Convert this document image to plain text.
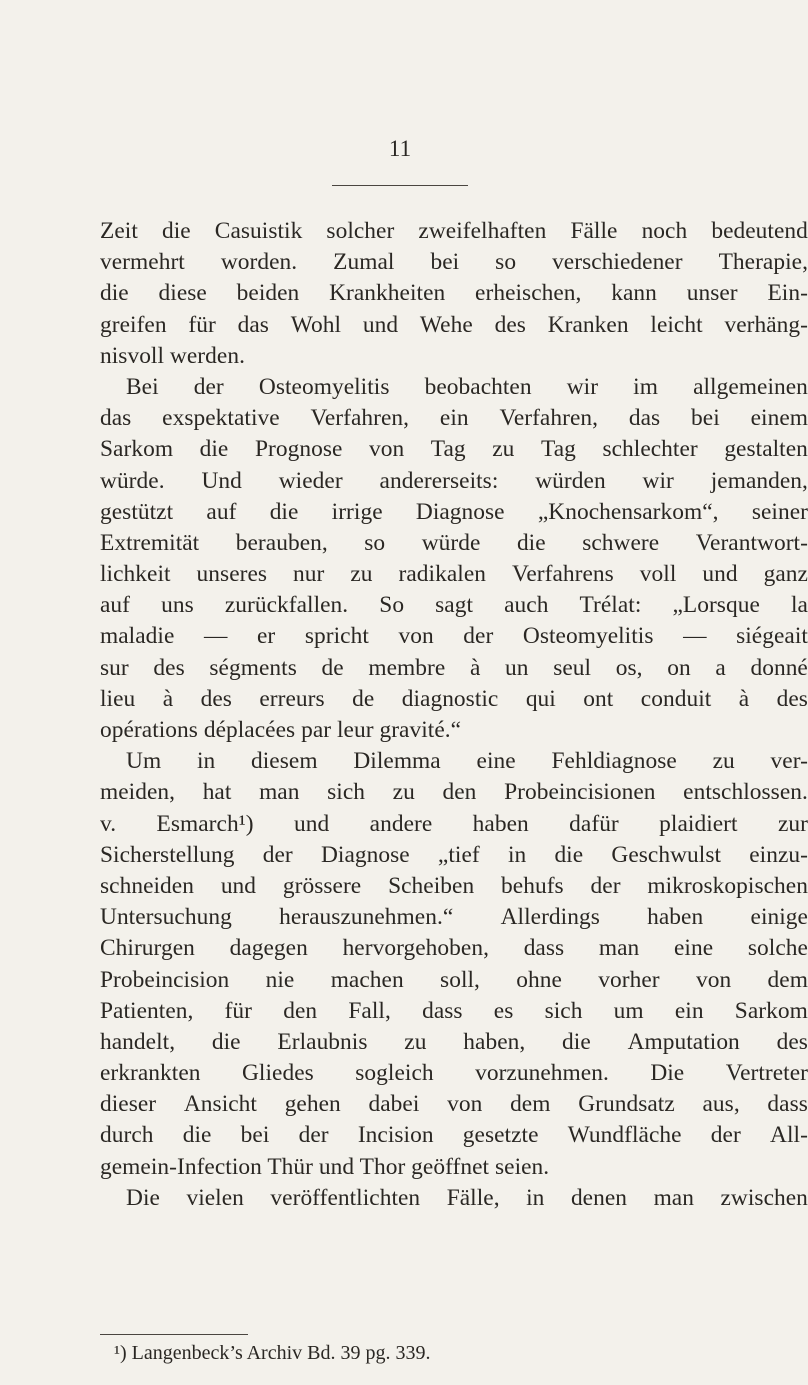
11
Zeit die Casuistik solcher zweifelhaften Fälle noch bedeutend
vermehrt worden. Zumal bei so verschiedener Therapie,
die diese beiden Krankheiten erheischen, kann unser Ein-
greifen für das Wohl und Wehe des Kranken leicht verhäng-
nisvoll werden.
Bei der Osteomyelitis beobachten wir im allgemeinen
das exspektative Verfahren, ein Verfahren, das bei einem
Sarkom die Prognose von Tag zu Tag schlechter gestalten
würde. Und wieder andererseits: würden wir jemanden,
gestützt auf die irrige Diagnose „Knochensarkom“, seiner
Extremität berauben, so würde die schwere Verantwort-
lichkeit unseres nur zu radikalen Verfahrens voll und ganz
auf uns zurückfallen. So sagt auch Trélat: „Lorsque la
maladie — er spricht von der Osteomyelitis — siégeait
sur des ségments de membre à un seul os, on a donné
lieu à des erreurs de diagnostic qui ont conduit à des
opérations déplacées par leur gravité.“
Um in diesem Dilemma eine Fehldiagnose zu ver-
meiden, hat man sich zu den Probeincisionen entschlossen.
v. Esmarch¹) und andere haben dafür plaidiert zur
Sicherstellung der Diagnose „tief in die Geschwulst einzu-
schneiden und grössere Scheiben behufs der mikroskopischen
Untersuchung herauszunehmen.“ Allerdings haben einige
Chirurgen dagegen hervorgehoben, dass man eine solche
Probeincision nie machen soll, ohne vorher von dem
Patienten, für den Fall, dass es sich um ein Sarkom
handelt, die Erlaubnis zu haben, die Amputation des
erkrankten Gliedes sogleich vorzunehmen. Die Vertreter
dieser Ansicht gehen dabei von dem Grundsatz aus, dass
durch die bei der Incision gesetzte Wundfläche der All-
gemein-Infection Thür und Thor geöffnet seien.
Die vielen veröffentlichten Fälle, in denen man zwischen
¹) Langenbeck’s Archiv Bd. 39 pg. 339.
